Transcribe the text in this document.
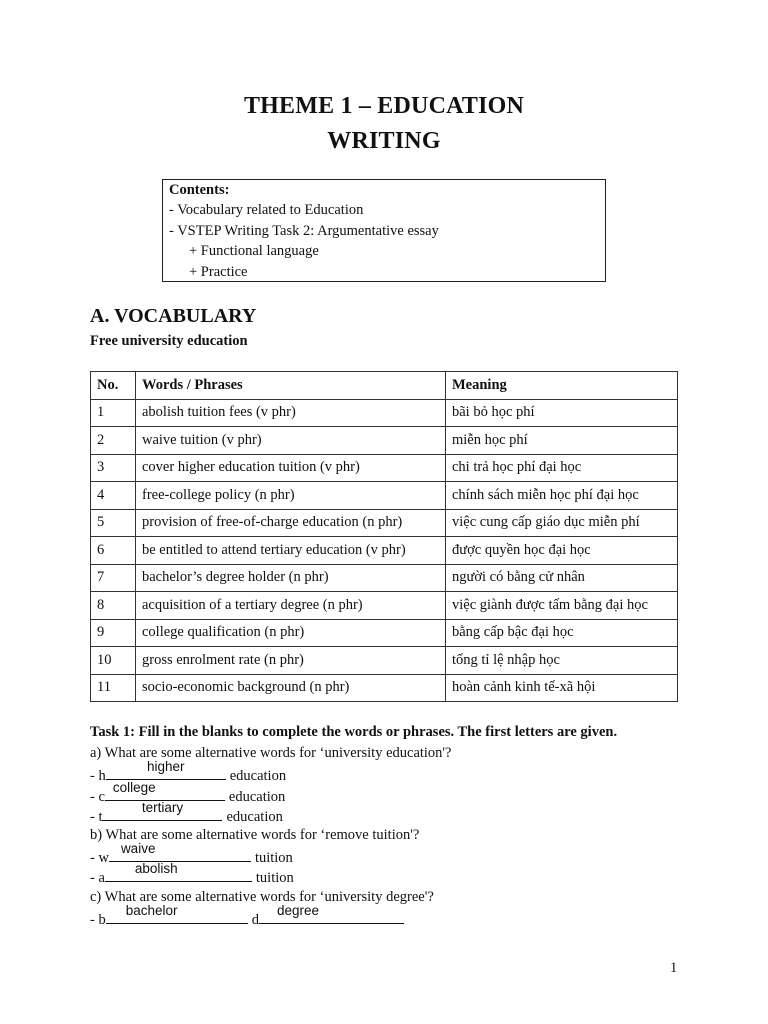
THEME 1 – EDUCATION
WRITING
Contents:
- Vocabulary related to Education
- VSTEP Writing Task 2: Argumentative essay
+ Functional language
+ Practice
A. VOCABULARY
Free university education
No.	Words / Phrases	Meaning
1	abolish tuition fees (v phr)	bãi bỏ học phí
2	waive tuition (v phr)	miễn học phí
3	cover higher education tuition (v phr)	chi trả học phí đại học
4	free-college policy (n phr)	chính sách miễn học phí đại học
5	provision of free-of-charge education (n phr)	việc cung cấp giáo dục miễn phí
6	be entitled to attend tertiary education (v phr)	được quyền học đại học
7	bachelor’s degree holder (n phr)	người có bằng cử nhân
8	acquisition of a tertiary degree (n phr)	việc giành được tấm bằng đại học
9	college qualification (n phr)	bằng cấp bậc đại học
10	gross enrolment rate (n phr)	tổng tỉ lệ nhập học
11	socio-economic background (n phr)	hoàn cảnh kinh tế-xã hội
Task 1: Fill in the blanks to complete the words or phrases. The first letters are given.
a) What are some alternative words for ‘university education'?
- h
higher
education
- c
college
education
- t
tertiary
education
b) What are some alternative words for ‘remove tuition'?
- w
waive
tuition
- a
abolish
tuition
c) What are some alternative words for ‘university degree'?
- b
bachelor
d
degree
1
